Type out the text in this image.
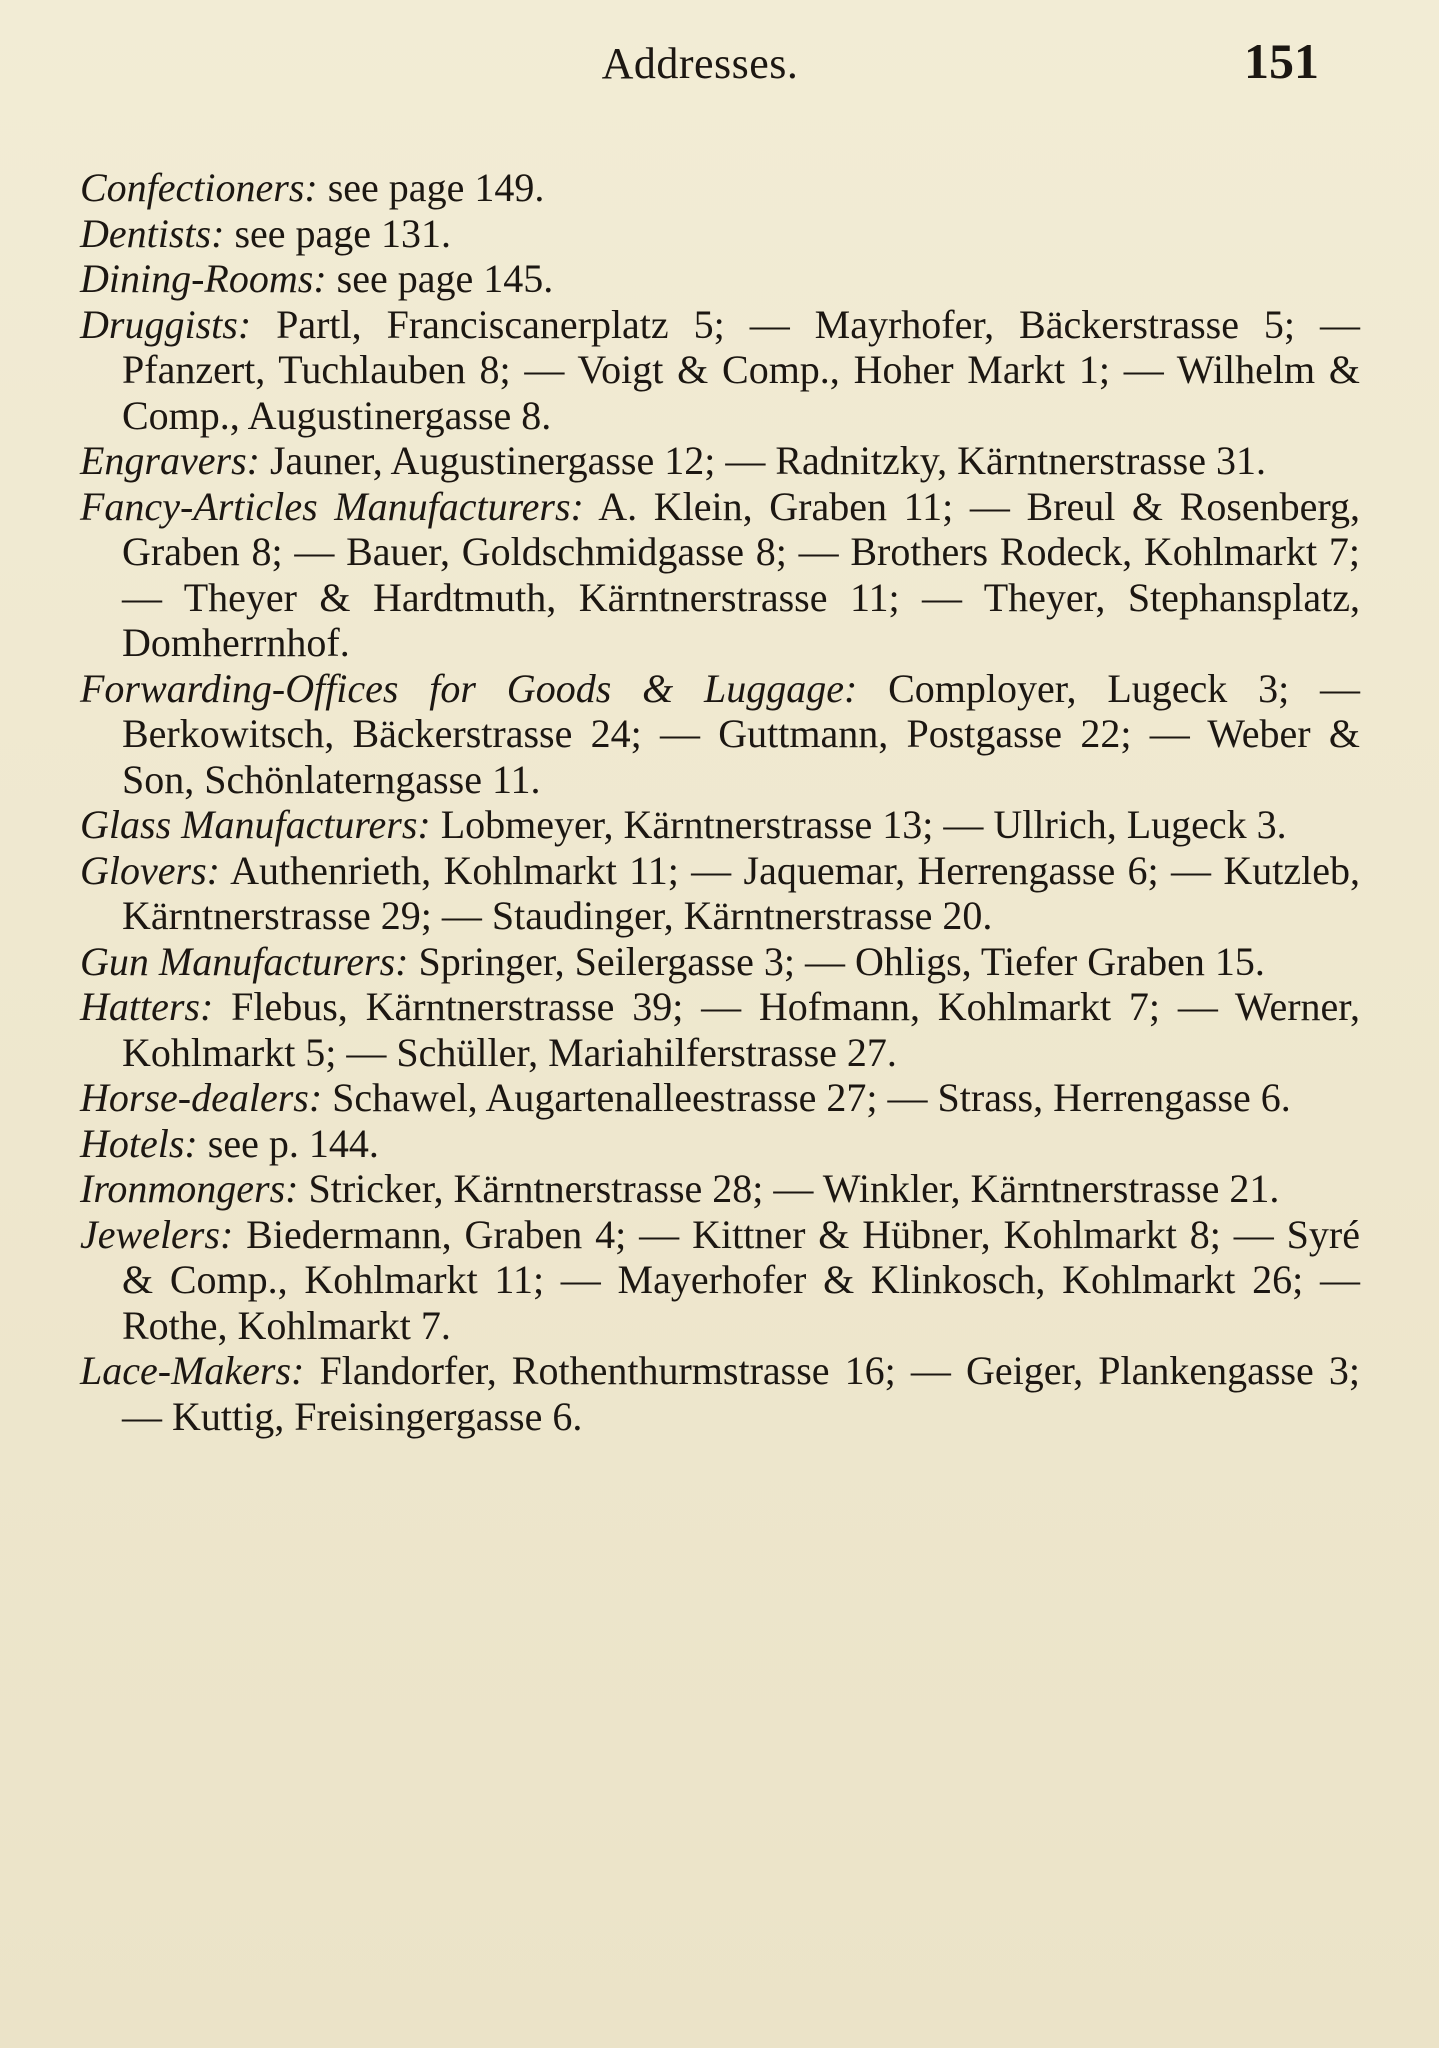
Addresses.	151

Confectioners: see page 149.

Dentists: see page 131.

Dining-Rooms: see page 145.

Druggists: Partl, Franciscanerplatz 5; — Mayrhofer, Bäckerstrasse 5; — Pfanzert, Tuchlauben 8; — Voigt & Comp., Hoher Markt 1; — Wilhelm & Comp., Augustinergasse 8.

Engravers: Jauner, Augustinergasse 12; — Radnitzky, Kärntnerstrasse 31.

Fancy-Articles Manufacturers: A. Klein, Graben 11; — Breul & Rosenberg, Graben 8; — Bauer, Goldschmidgasse 8; — Brothers Rodeck, Kohlmarkt 7; — Theyer & Hardtmuth, Kärntnerstrasse 11; — Theyer, Stephansplatz, Domherrnhof.

Forwarding-Offices for Goods & Luggage: Comployer, Lugeck 3; — Berkowitsch, Bäckerstrasse 24; — Guttmann, Postgasse 22; — Weber & Son, Schönlaterngasse 11.

Glass Manufacturers: Lobmeyer, Kärntnerstrasse 13; — Ullrich, Lugeck 3.

Glovers: Authenrieth, Kohlmarkt 11; — Jaquemar, Herrengasse 6; — Kutzleb, Kärntnerstrasse 29; — Staudinger, Kärntnerstrasse 20.

Gun Manufacturers: Springer, Seilergasse 3; — Ohligs, Tiefer Graben 15.

Hatters: Flebus, Kärntnerstrasse 39; — Hofmann, Kohlmarkt 7; — Werner, Kohlmarkt 5; — Schüller, Mariahilferstrasse 27.

Horse-dealers: Schawel, Augartenalleestrasse 27; — Strass, Herrengasse 6.

Hotels: see p. 144.

Ironmongers: Stricker, Kärntnerstrasse 28; — Winkler, Kärntnerstrasse 21.

Jewelers: Biedermann, Graben 4; — Kittner & Hübner, Kohlmarkt 8; — Syré & Comp., Kohlmarkt 11; — Mayerhofer & Klinkosch, Kohlmarkt 26; — Rothe, Kohlmarkt 7.

Lace-Makers: Flandorfer, Rothenthurmstrasse 16; — Geiger, Plankengasse 3; — Kuttig, Freisingergasse 6.
